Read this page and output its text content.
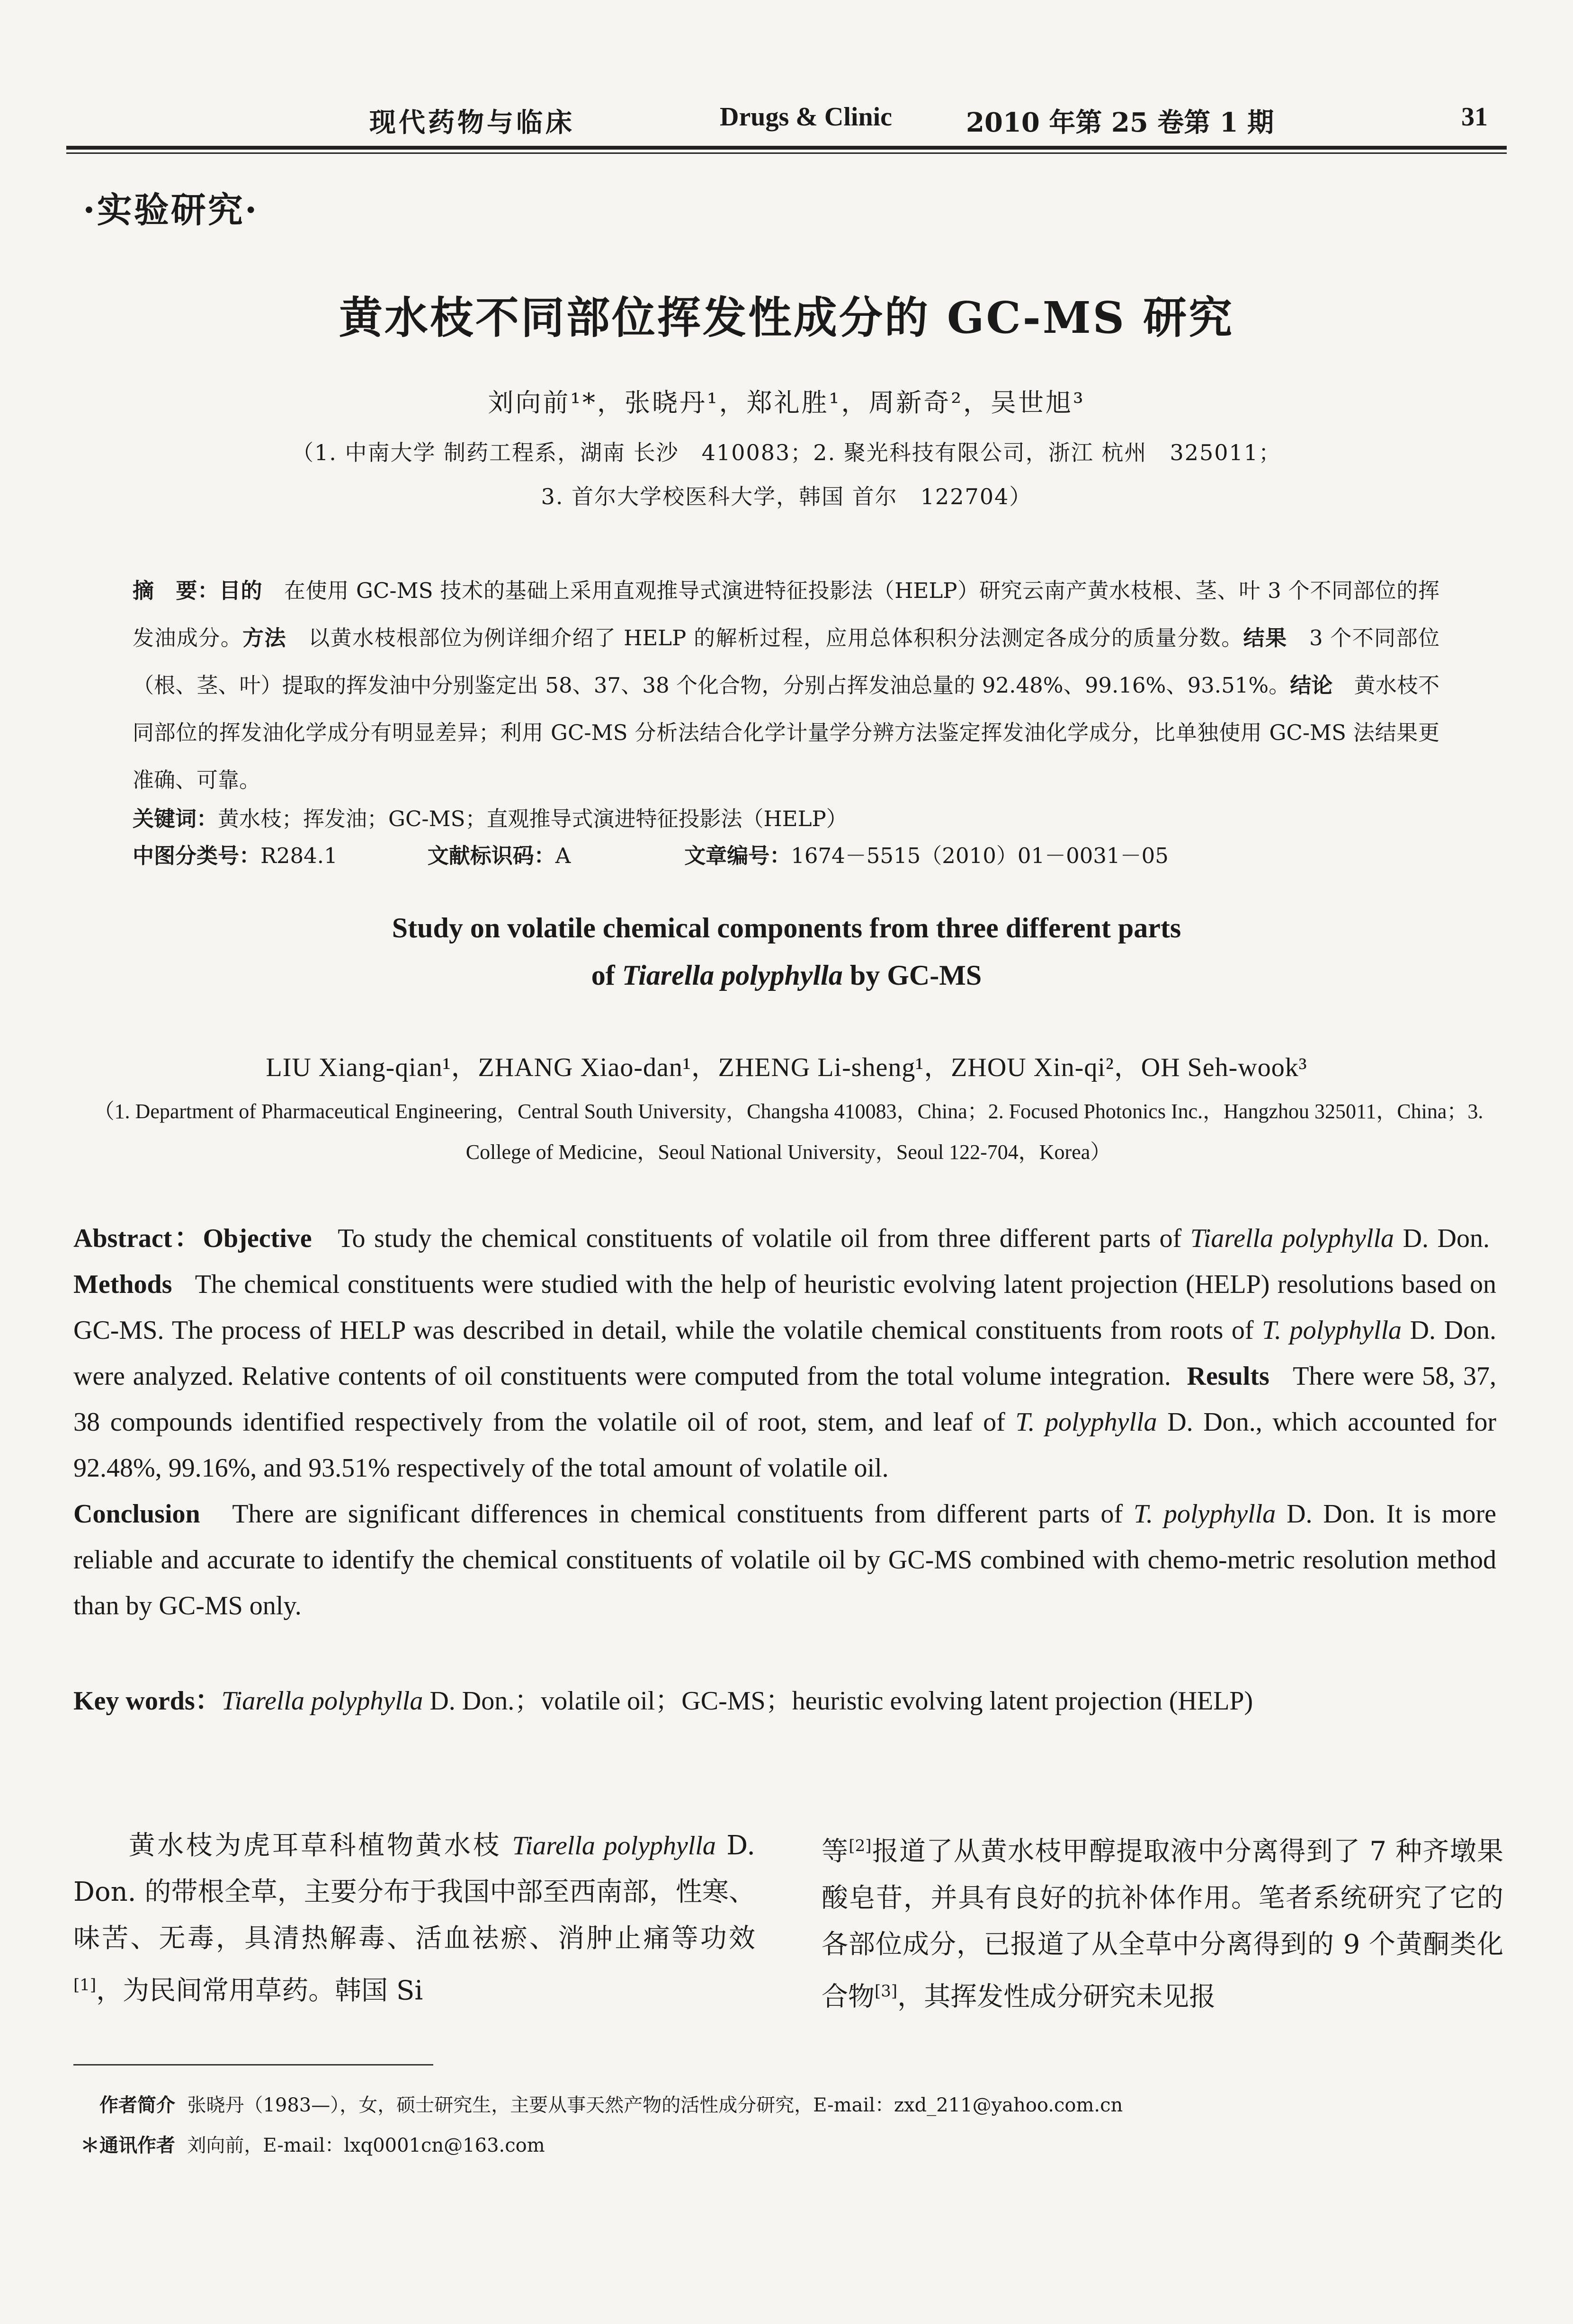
现代药物与临床	Drugs & Clinic	2010 年第 25 卷第 1 期	31
·实验研究·
黄水枝不同部位挥发性成分的 GC-MS 研究
刘向前¹*，张晓丹¹，郑礼胜¹，周新奇²，吴世旭³
（1. 中南大学 制药工程系，湖南 长沙　410083；2. 聚光科技有限公司，浙江 杭州　325011；
3. 首尔大学校医科大学，韩国 首尔　122704）
摘　要：目的　 在使用 GC-MS 技术的基础上采用直观推导式演进特征投影法（HELP）研究云南产黄水枝根、茎、叶 3 个不同部位的挥发油成分。方法　 以黄水枝根部位为例详细介绍了 HELP 的解析过程，应用总体积积分法测定各成分的质量分数。结果　 3 个不同部位（根、茎、叶）提取的挥发油中分别鉴定出 58、37、38 个化合物，分别占挥发油总量的 92.48%、99.16%、93.51%。结论　 黄水枝不同部位的挥发油化学成分有明显差异；利用 GC-MS 分析法结合化学计量学分辨方法鉴定挥发油化学成分，比单独使用 GC-MS 法结果更准确、可靠。
关键词：黄水枝；挥发油；GC-MS；直观推导式演进特征投影法（HELP）
中图分类号：R284.1	文献标识码：A	文章编号：1674－5515（2010）01－0031－05
Study on volatile chemical components from three different parts
of Tiarella polyphylla by GC-MS
LIU Xiang-qian¹，ZHANG Xiao-dan¹，ZHENG Li-sheng¹，ZHOU Xin-qi²，OH Seh-wook³
（1. Department of Pharmaceutical Engineering，Central South University，Changsha 410083，China；2. Focused Photonics Inc.，Hangzhou 325011，China；3. College of Medicine，Seoul National University，Seoul 122-704，Korea）
Abstract：Objective To study the chemical constituents of volatile oil from three different parts of Tiarella polyphylla D. Don.  Methods The chemical constituents were studied with the help of heuristic evolving latent projection (HELP) resolutions based on GC-MS. The process of HELP was described in detail, while the volatile chemical constituents from roots of T. polyphylla D. Don. were analyzed. Relative contents of oil constituents were computed from the total volume integration. Results There were 58, 37, 38 compounds identified respectively from the volatile oil of root, stem, and leaf of T. polyphylla D. Don., which accounted for 92.48%, 99.16%, and 93.51% respectively of the total amount of volatile oil.
Conclusion There are significant differences in chemical constituents from different parts of T. polyphylla D. Don. It is more reliable and accurate to identify the chemical constituents of volatile oil by GC-MS combined with chemo-metric resolution method than by GC-MS only.
Key words：Tiarella polyphylla D. Don.；volatile oil；GC-MS；heuristic evolving latent projection (HELP)
黄水枝为虎耳草科植物黄水枝 Tiarella polyphylla D. Don. 的带根全草，主要分布于我国中部至西南部，性寒、味苦、无毒，具清热解毒、活血祛瘀、消肿止痛等功效[1]，为民间常用草药。韩国 Si
等[2]报道了从黄水枝甲醇提取液中分离得到了 7 种齐墩果酸皂苷，并具有良好的抗补体作用。笔者系统研究了它的各部位成分，已报道了从全草中分离得到的 9 个黄酮类化合物[3]，其挥发性成分研究未见报
作者简介 张晓丹（1983—），女，硕士研究生，主要从事天然产物的活性成分研究，E-mail：zxd_211@yahoo.com.cn
＊通讯作者 刘向前，E-mail：lxq0001cn@163.com
